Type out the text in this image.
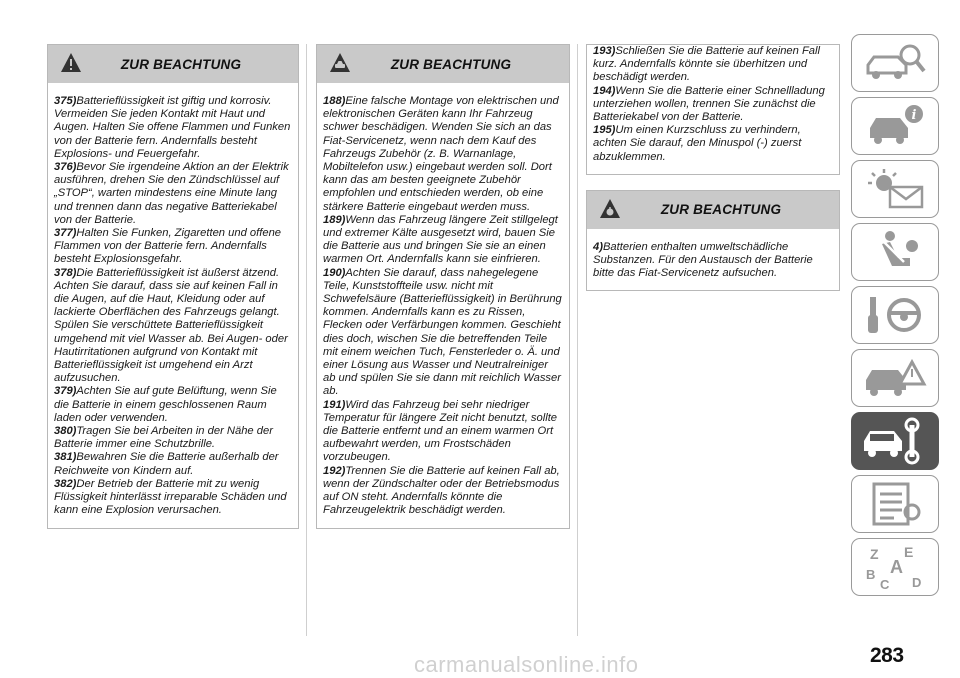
ZUR BEACHTUNG

375)Batterieflüssigkeit ist giftig und korrosiv. Vermeiden Sie jeden Kontakt mit Haut und Augen. Halten Sie offene Flammen und Funken von der Batterie fern. Andernfalls besteht Explosions- und Feuergefahr.

376)Bevor Sie irgendeine Aktion an der Elektrik ausführen, drehen Sie den Zündschlüssel auf „STOP“, warten mindestens eine Minute lang und trennen dann das negative Batteriekabel von der Batterie.

377)Halten Sie Funken, Zigaretten und offene Flammen von der Batterie fern. Andernfalls besteht Explosionsgefahr.

378)Die Batterieflüssigkeit ist äußerst ätzend. Achten Sie darauf, dass sie auf keinen Fall in die Augen, auf die Haut, Kleidung oder auf lackierte Oberflächen des Fahrzeugs gelangt. Spülen Sie verschüttete Batterieflüssigkeit umgehend mit viel Wasser ab. Bei Augen- oder Hautirritationen aufgrund von Kontakt mit Batterieflüssigkeit ist umgehend ein Arzt aufzusuchen.

379)Achten Sie auf gute Belüftung, wenn Sie die Batterie in einem geschlossenen Raum laden oder verwenden.

380)Tragen Sie bei Arbeiten in der Nähe der Batterie immer eine Schutzbrille.

381)Bewahren Sie die Batterie außerhalb der Reichweite von Kindern auf.

382)Der Betrieb der Batterie mit zu wenig Flüssigkeit hinterlässt irreparable Schäden und kann eine Explosion verursachen.

ZUR BEACHTUNG

188)Eine falsche Montage von elektrischen und elektronischen Geräten kann Ihr Fahrzeug schwer beschädigen. Wenden Sie sich an das Fiat-Servicenetz, wenn nach dem Kauf des Fahrzeugs Zubehör (z. B. Warnanlage, Mobiltelefon usw.) eingebaut werden soll. Dort kann das am besten geeignete Zubehör empfohlen und entschieden werden, ob eine stärkere Batterie eingebaut werden muss.

189)Wenn das Fahrzeug längere Zeit stillgelegt und extremer Kälte ausgesetzt wird, bauen Sie die Batterie aus und bringen Sie sie an einen warmen Ort. Andernfalls kann sie einfrieren.

190)Achten Sie darauf, dass nahegelegene Teile, Kunststoffteile usw. nicht mit Schwefelsäure (Batterieflüssigkeit) in Berührung kommen. Andernfalls kann es zu Rissen, Flecken oder Verfärbungen kommen. Geschieht dies doch, wischen Sie die betreffenden Teile mit einem weichen Tuch, Fensterleder o. Ä. und einer Lösung aus Wasser und Neutralreiniger ab und spülen Sie sie dann mit reichlich Wasser ab.

191)Wird das Fahrzeug bei sehr niedriger Temperatur für längere Zeit nicht benutzt, sollte die Batterie entfernt und an einem warmen Ort aufbewahrt werden, um Frostschäden vorzubeugen.

192)Trennen Sie die Batterie auf keinen Fall ab, wenn der Zündschalter oder der Betriebsmodus auf ON steht. Andernfalls könnte die Fahrzeugelektrik beschädigt werden.

193)Schließen Sie die Batterie auf keinen Fall kurz. Andernfalls könnte sie überhitzen und beschädigt werden.

194)Wenn Sie die Batterie einer Schnellladung unterziehen wollen, trennen Sie zunächst die Batteriekabel von der Batterie.

195)Um einen Kurzschluss zu verhindern, achten Sie darauf, den Minuspol (-) zuerst abzuklemmen.

ZUR BEACHTUNG

4)Batterien enthalten umweltschädliche Substanzen. Für den Austausch der Batterie bitte das Fiat-Servicenetz aufsuchen.

i
Z E
A
B
C D
carmanualsonline.info	283
